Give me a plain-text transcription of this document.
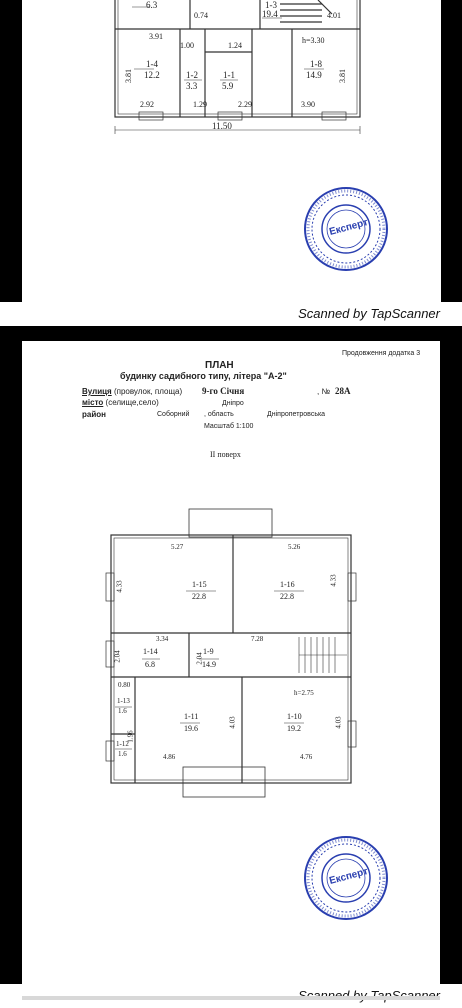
6.3	1-3
19.4
0.74	4.01
3.91
1.00	1.24
h=3.30
1-4
12.2	1-2
3.3
1-1
5.9
1-8
14.9
3.81	3.81
2.92	1.29	2.29	3.90
11.50
Експерт
Scanned by TapScanner
Продовження додатка 3
ПЛАН
будинку садибного типу, літера "А-2"
Вулиця (провулок, площа) 9-го Січня	, № 28А
місто (селище,село)	Дніпро
район	Соборний , область	Дніпропетровська
Масштаб 1:100
II поверх
1-15
22.8
1-16
22.8
1-14
6.8
1-9
14.9
1-11
19.6
1-10
19.2
1-13
1.6
1-12
1.6
5.27	5.26
4.33	4.33
3.34	7.28
2.04	2.04
0.80
4.03	4.03
1.96
h=2.75
4.86	4.76
Експерт
